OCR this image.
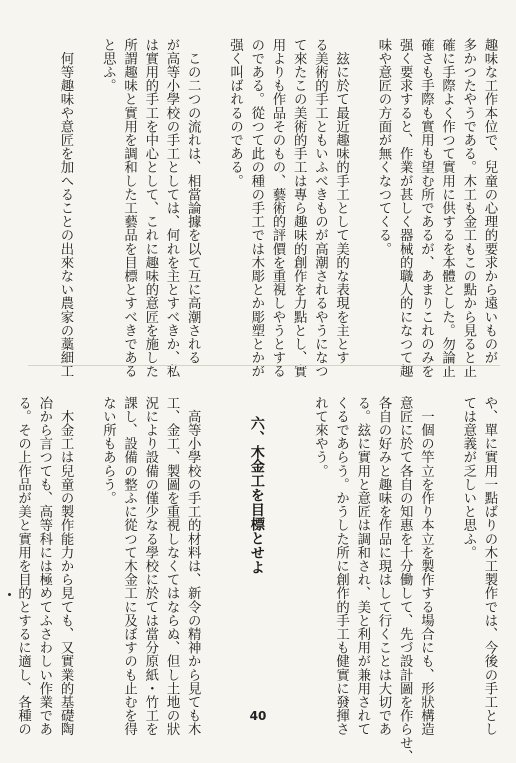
趣味な工作本位で、兒童の心理的要求から遠いものが
多かつたやうである。木工も金工もこの點から見ると正
確に手際よく作つて實用に供するを本體とした。勿論正
確さも手際も實用も望む所であるが、あまりこれのみを
强く要求すると、作業が甚しく器械的職人的になつて趣
味や意匠の方面が無くなつてくる。
　玆に於て最近趣味的手工として美的な表現を主とす
る美術的手工ともいふべきものが高潮されるやうになつ
て來たこの美術的手工は專ら趣味的創作を力點とし、實
用よりも作品そのもの、藝術的評價を重視しやうとする
のである。從つて此の種の手工では木彫とか彫塑とかが
强く叫ばれるのである。
　この二つの流れは、相當論據を以て互に高潮される
が高等小學校の手工としては、何れを主とすべきか、私
は實用的手工を中心として、これに趣味的意匠を施した
所謂趣味と實用を調和した工藝品を目標とすべきである
と思ふ。
　何等趣味や意匠を加へることの出來ない農家の藁細工
や、單に實用一點ばりの木工製作では、今後の手工とし
ては意義が乏しいと思ふ。
　一個の竿立を作り本立を製作する場合にも、形狀構造
意匠に於て各自の知惠を十分働して、先づ設計圖を作らせ、
各自の好みと趣味を作品に現はして行くことは大切であ
る。玆に實用と意匠は調和され、美と利用が兼用されて
くるであらう。かうした所に創作的手工も健實に發揮さ
れて來やう。
六、木金工を目標とせよ
　高等小學校の手工的材料は、新令の精神から見ても木
工、金工、製圖を重視しなくてはならぬ、但し土地の狀
況により設備の僅少なる學校に於ては當分原紙・竹工を
課し、設備の整ふに從つて木金工に及ぼすのも止むを得
ない所もあらう。
　木金工は兒童の製作能力から見ても、又實業的基礎陶
冶から言つても、高等科には極めてふさわしい作業であ
る。その上作品が美と實用を目的とするに適し、各種の	40
